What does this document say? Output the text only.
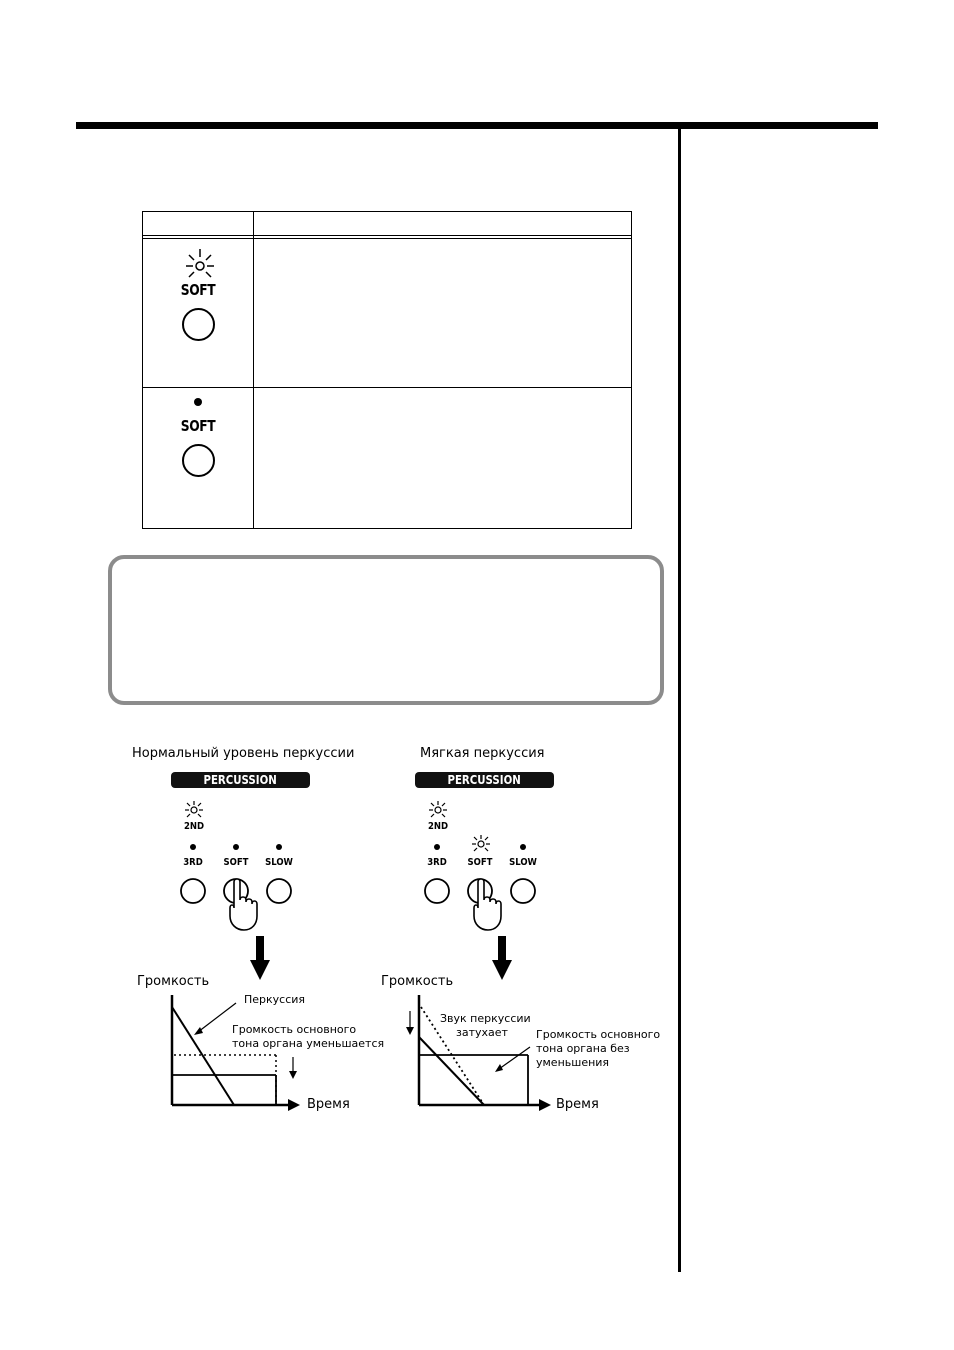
SOFT
SOFT
Нормальный уровень перкуссии
PERCUSSION
2ND
3RD	SOFT	SLOW
Громкость
Время
Перкуссия
Громкость основного
тона органа уменьшается
Мягкая перкуссия
PERCUSSION
2ND
3RD	SOFT	SLOW
Громкость
Время
Звук перкуссии
затухает	Громкость основного
тона органа без
уменьшения
